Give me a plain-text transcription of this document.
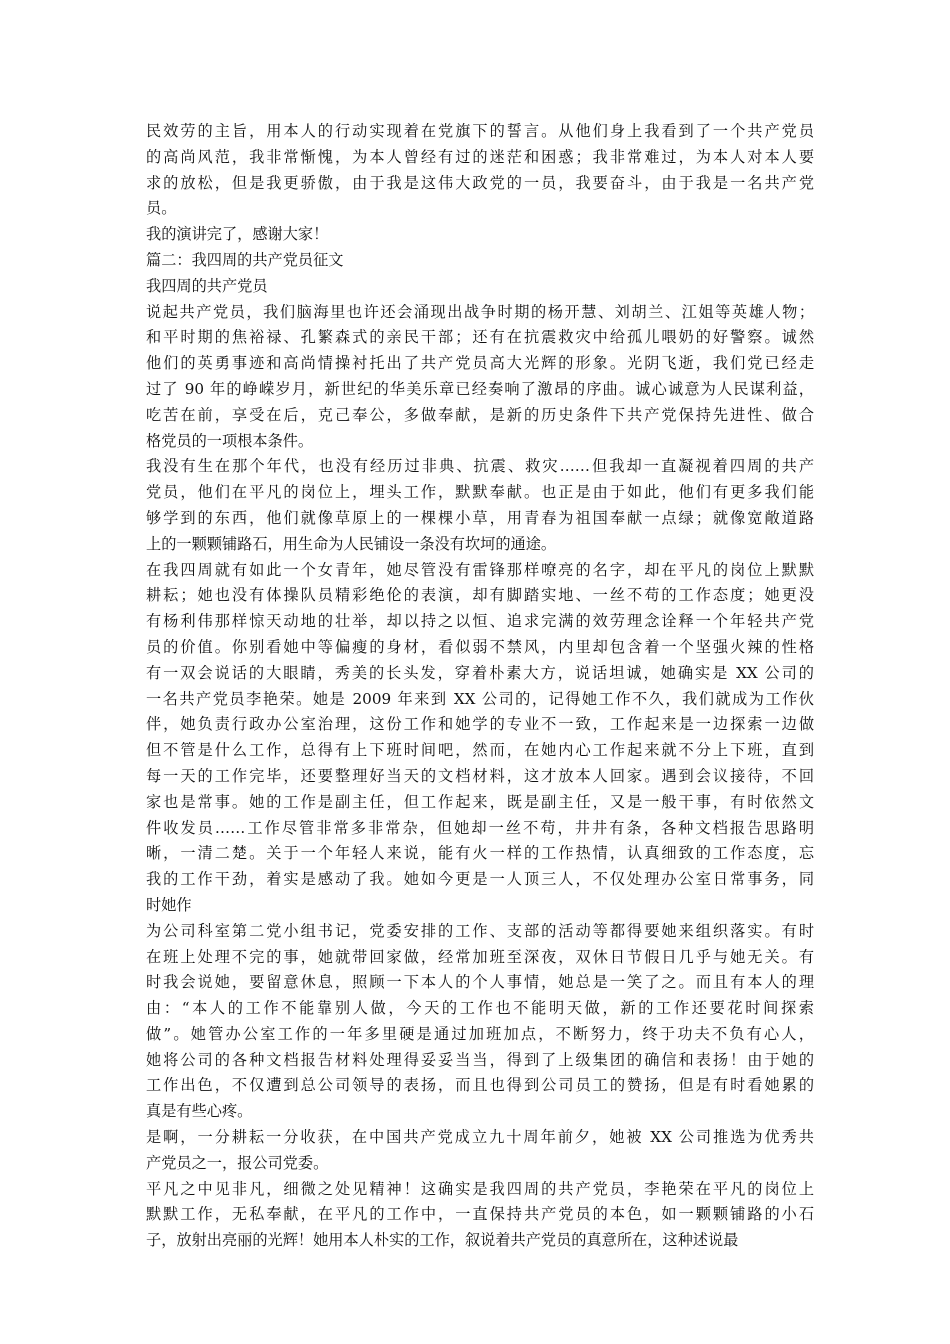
民效劳的主旨，用本人的行动实现着在党旗下的誓言。从他们身上我看到了一个共产党员
的高尚风范，我非常惭愧，为本人曾经有过的迷茫和困惑；我非常难过，为本人对本人要
求的放松，但是我更骄傲，由于我是这伟大政党的一员，我要奋斗，由于我是一名共产党
员。

我的演讲完了，感谢大家！

篇二：我四周的共产党员征文

我四周的共产党员

说起共产党员，我们脑海里也许还会涌现出战争时期的杨开慧、刘胡兰、江姐等英雄人物；
和平时期的焦裕禄、孔繁森式的亲民干部；还有在抗震救灾中给孤儿喂奶的好警察。诚然
他们的英勇事迹和高尚情操衬托出了共产党员高大光辉的形象。光阴飞逝，我们党已经走
过了 90 年的峥嵘岁月，新世纪的华美乐章已经奏响了激昂的序曲。诚心诚意为人民谋利益，
吃苦在前，享受在后，克己奉公，多做奉献，是新的历史条件下共产党保持先进性、做合
格党员的一项根本条件。

我没有生在那个年代，也没有经历过非典、抗震、救灾……但我却一直凝视着四周的共产
党员，他们在平凡的岗位上，埋头工作，默默奉献。也正是由于如此，他们有更多我们能
够学到的东西，他们就像草原上的一棵棵小草，用青春为祖国奉献一点绿；就像宽敞道路
上的一颗颗铺路石，用生命为人民铺设一条没有坎坷的通途。

在我四周就有如此一个女青年，她尽管没有雷锋那样嘹亮的名字，却在平凡的岗位上默默
耕耘；她也没有体操队员精彩绝伦的表演，却有脚踏实地、一丝不苟的工作态度；她更没
有杨利伟那样惊天动地的壮举，却以持之以恒、追求完满的效劳理念诠释一个年轻共产党
员的价值。你别看她中等偏瘦的身材，看似弱不禁风，内里却包含着一个坚强火辣的性格
有一双会说话的大眼睛，秀美的长头发，穿着朴素大方，说话坦诚，她确实是 XX 公司的
一名共产党员李艳荣。她是 2009 年来到 XX 公司的，记得她工作不久，我们就成为工作伙
伴，她负责行政办公室治理，这份工作和她学的专业不一致，工作起来是一边探索一边做
但不管是什么工作，总得有上下班时间吧，然而，在她内心工作起来就不分上下班，直到
每一天的工作完毕，还要整理好当天的文档材料，这才放本人回家。遇到会议接待，不回
家也是常事。她的工作是副主任，但工作起来，既是副主任，又是一般干事，有时依然文
件收发员……工作尽管非常多非常杂，但她却一丝不苟，井井有条，各种文档报告思路明
晰，一清二楚。关于一个年轻人来说，能有火一样的工作热情，认真细致的工作态度，忘
我的工作干劲，着实是感动了我。她如今更是一人顶三人，不仅处理办公室日常事务，同
时她作

为公司科室第二党小组书记，党委安排的工作、支部的活动等都得要她来组织落实。有时
在班上处理不完的事，她就带回家做，经常加班至深夜，双休日节假日几乎与她无关。有
时我会说她，要留意休息，照顾一下本人的个人事情，她总是一笑了之。而且有本人的理
由：“本人的工作不能靠别人做，今天的工作也不能明天做，新的工作还要花时间探索
做”。她管办公室工作的一年多里硬是通过加班加点，不断努力，终于功夫不负有心人，
她将公司的各种文档报告材料处理得妥妥当当，得到了上级集团的确信和表扬！由于她的
工作出色，不仅遭到总公司领导的表扬，而且也得到公司员工的赞扬，但是有时看她累的
真是有些心疼。

是啊，一分耕耘一分收获，在中国共产党成立九十周年前夕，她被 XX 公司推选为优秀共
产党员之一，报公司党委。

平凡之中见非凡，细微之处见精神！这确实是我四周的共产党员，李艳荣在平凡的岗位上
默默工作，无私奉献，在平凡的工作中，一直保持共产党员的本色，如一颗颗铺路的小石
子，放射出亮丽的光辉！她用本人朴实的工作，叙说着共产党员的真意所在，这种述说最
